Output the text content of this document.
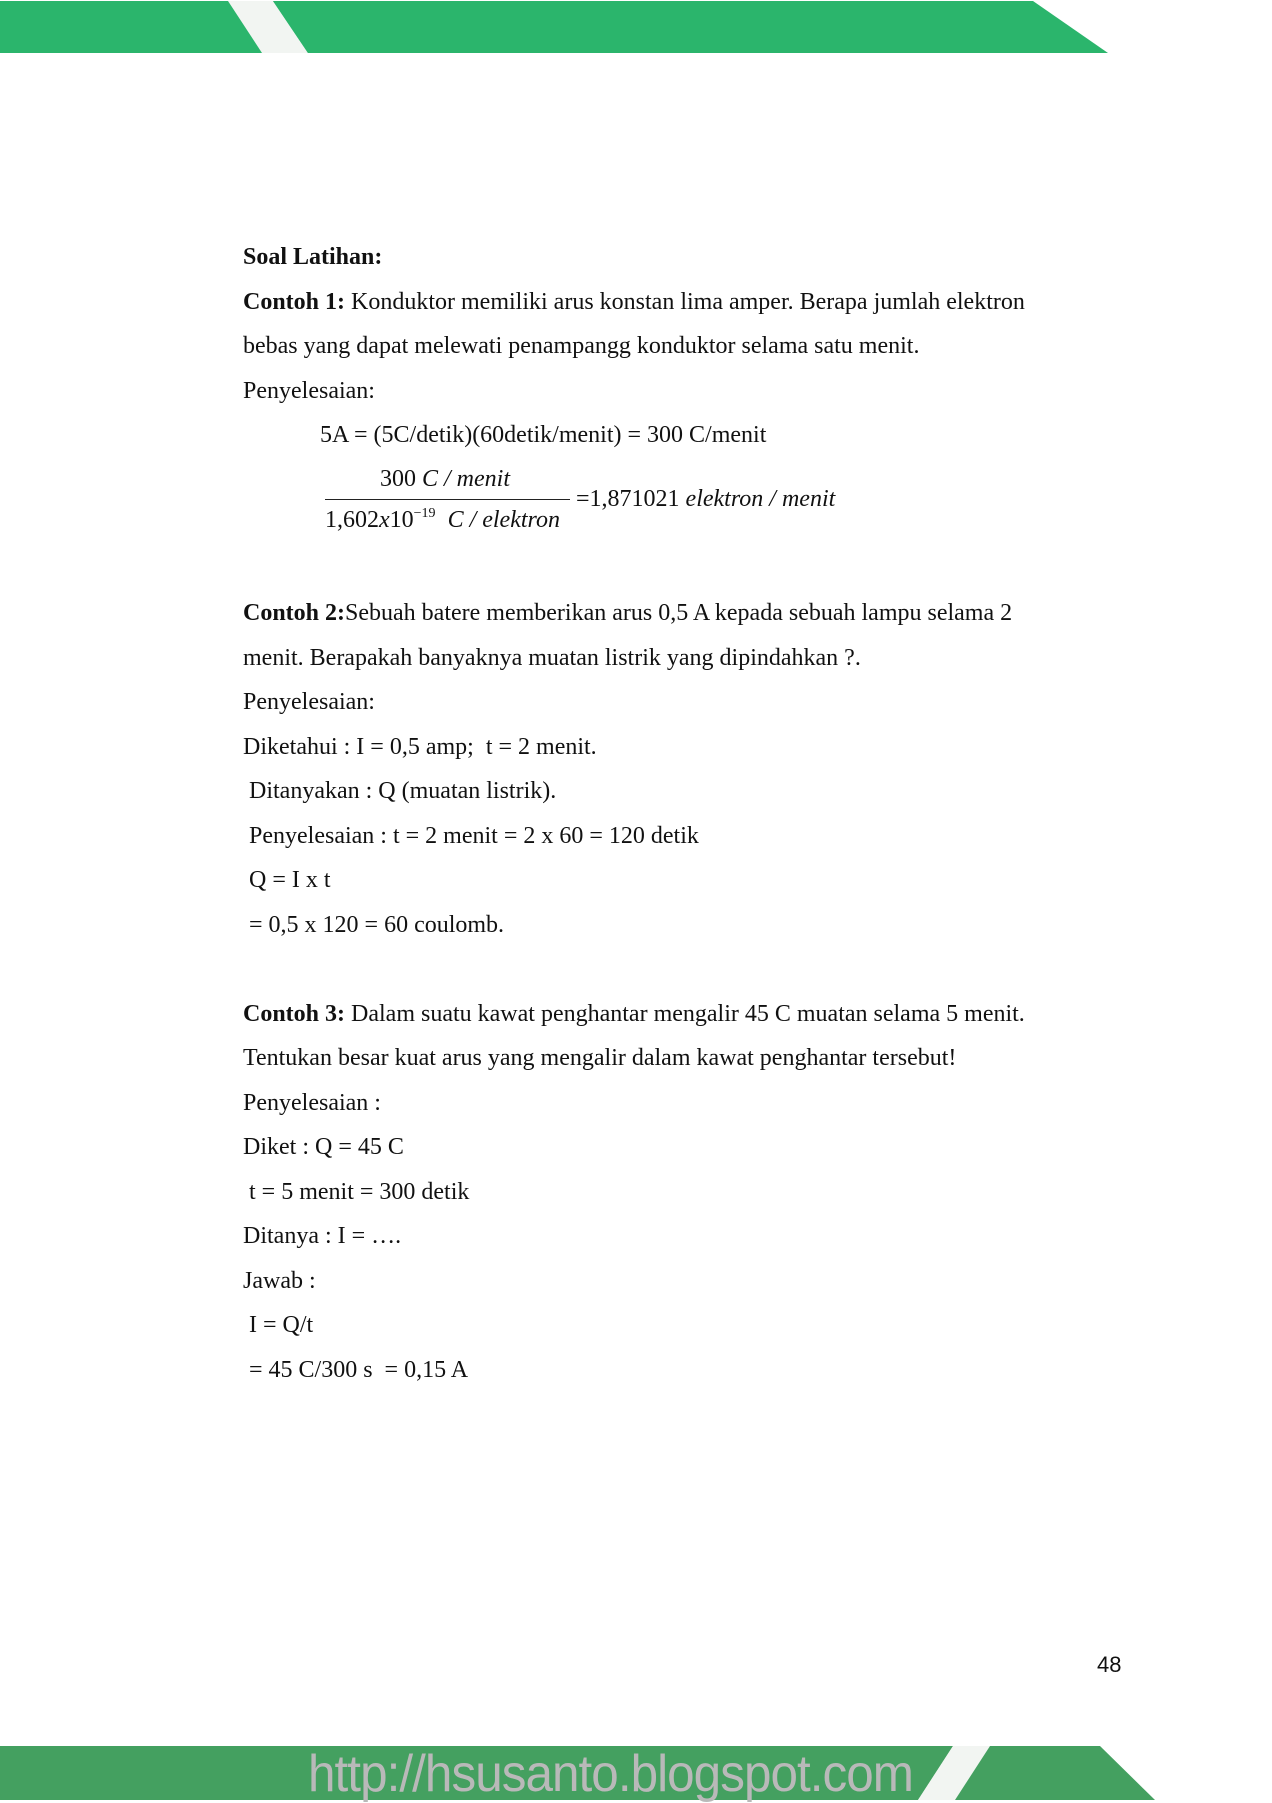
Soal Latihan:
Contoh 1: Konduktor memiliki arus konstan lima amper. Berapa jumlah elektron
bebas yang dapat melewati penampangg konduktor selama satu menit.
Penyelesaian:
5A = (5C/detik)(60detik/menit) = 300 C/menit
300 C / menit
$1,602x10^{-19}$ C / elektron
=1,871021 elektron / menit
Contoh 2:Sebuah batere memberikan arus 0,5 A kepada sebuah lampu selama 2
menit. Berapakah banyaknya muatan listrik yang dipindahkan ?.
Penyelesaian:
Diketahui : I = 0,5 amp;  t = 2 menit.
Ditanyakan : Q (muatan listrik).
Penyelesaian : t = 2 menit = 2 x 60 = 120 detik
Q = I x t
= 0,5 x 120 = 60 coulomb.
Contoh 3: Dalam suatu kawat penghantar mengalir 45 C muatan selama 5 menit.
Tentukan besar kuat arus yang mengalir dalam kawat penghantar tersebut!
Penyelesaian :
Diket : Q = 45 C
t = 5 menit = 300 detik
Ditanya : I = ….
Jawab :
I = Q/t
= 45 C/300 s  = 0,15 A
48
http://hsusanto.blogspot.com
